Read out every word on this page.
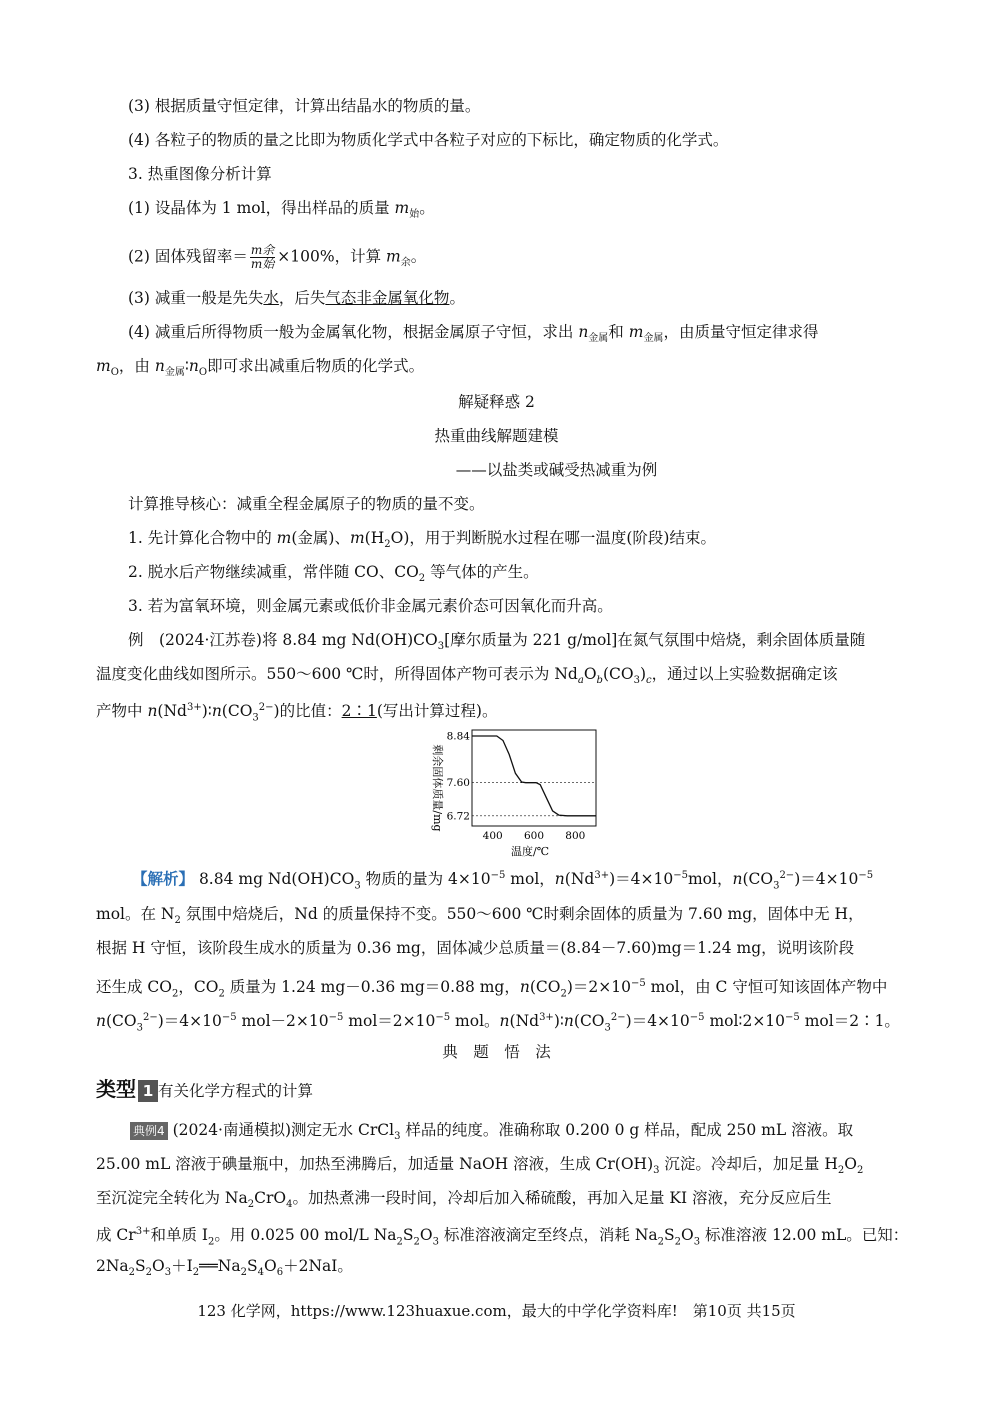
(3) 根据质量守恒定律，计算出结晶水的物质的量。
(4) 各粒子的物质的量之比即为物质化学式中各粒子对应的下标比，确定物质的化学式。
3. 热重图像分析计算
(1) 设晶体为 1 mol，得出样品的质量 $m_始$。
(2) 固体残留率＝ $\frac{\text{m余}}{\text{m始}} \times 100\%$，计算 $m_余$。
(3) 减重一般是先失水，后失气态非金属氧化物。
(4) 减重后所得物质一般为金属氧化物，根据金属原子守恒，求出 $n_{金属}$和 $m_{金属}$，由质量守恒定律求得
$m_O$，由 $n_{金属}∶n_O$即可求出减重后物质的化学式。
解疑释惑 2
热重曲线解题建模
——以盐类或碱受热减重为例
计算推导核心：减重全程金属原子的物质的量不变。
1. 先计算化合物中的 m(金属)、$m(H_2O)$，用于判断脱水过程在哪一温度(阶段)结束。
2. 脱水后产物继续减重，常伴随 CO、$CO_2$ 等气体的产生。
3. 若为富氧环境，则金属元素或低价非金属元素价态可因氧化而升高。
例　(2024·江苏卷)将 8.84 mg $Nd(OH)CO_3$[摩尔质量为 221 g/mol]在氮气氛围中焙烧，剩余固体质量随
温度变化曲线如图所示。550～600 ℃时，所得固体产物可表示为 $Nd_aO_b(CO_3)_c$，通过以上实验数据确定该
产物中 $n(Nd^{3+})∶n(CO_3^{2-})$的比值：2∶1(写出计算过程)。
剩余固体质量/mg
8.84
7.60
6.72
400 600 800
温度/℃
【解析】 8.84 mg $Nd(OH)CO_3$ 物质的量为 $4\times 10^{-5}$ mol，$n(Nd^{3+})=4\times 10^{-5}mol$，$n(CO_3^{2-})=4\times 10^{-5}$
mol。在 $N_2$ 氛围中焙烧后，Nd 的质量保持不变。550～600 ℃时剩余固体的质量为 7.60 mg，固体中无 H，
根据 H 守恒，该阶段生成水的质量为 0.36 mg，固体减少总质量＝(8.84－7.60)mg＝1.24 mg，说明该阶段
还生成 $CO_2$，$CO_2$ 质量为 1.24 mg－0.36 mg＝0.88 mg，$n(CO_2)=2\times 10^{-5}$ mol，由 C 守恒可知该固体产物中
$n(CO_3^{2-})=4\times 10^{-5}$ $mol-2\times 10^{-5}$ $mol=2\times 10^{-5}$ mol。$n(Nd^{3+})∶n(CO_3^{2-})=4\times 10^{-5}$ $mol∶2\times 10^{-5}$ mol＝2∶1。
典　题　悟　法
类型 1 有关化学方程式的计算
典例4 (2024·南通模拟)测定无水 CrCl$_3$ 样品的纯度。准确称取 0.200 0 g 样品，配成 250 mL 溶液。取
25.00 mL 溶液于碘量瓶中，加热至沸腾后，加适量 NaOH 溶液，生成 $Cr(OH)_3$ 沉淀。冷却后，加足量 $H_2O_2$
至沉淀完全转化为 $Na_2CrO_4$。加热煮沸一段时间，冷却后加入稀硫酸，再加入足量 KI 溶液，充分反应后生
成 $Cr^{3+}$和单质 $I_2$。用 0.025 00 mol/L $Na_2S_2O_3$ 标准溶液滴定至终点，消耗 $Na_2S_2O_3$ 标准溶液 12.00 mL。已知：
$2Na_2S_2O_3+I_2══Na_2S_4O_6+2NaI$。
123 化学网，https://www.123huaxue.com，最大的中学化学资料库!　第10页 共15页
